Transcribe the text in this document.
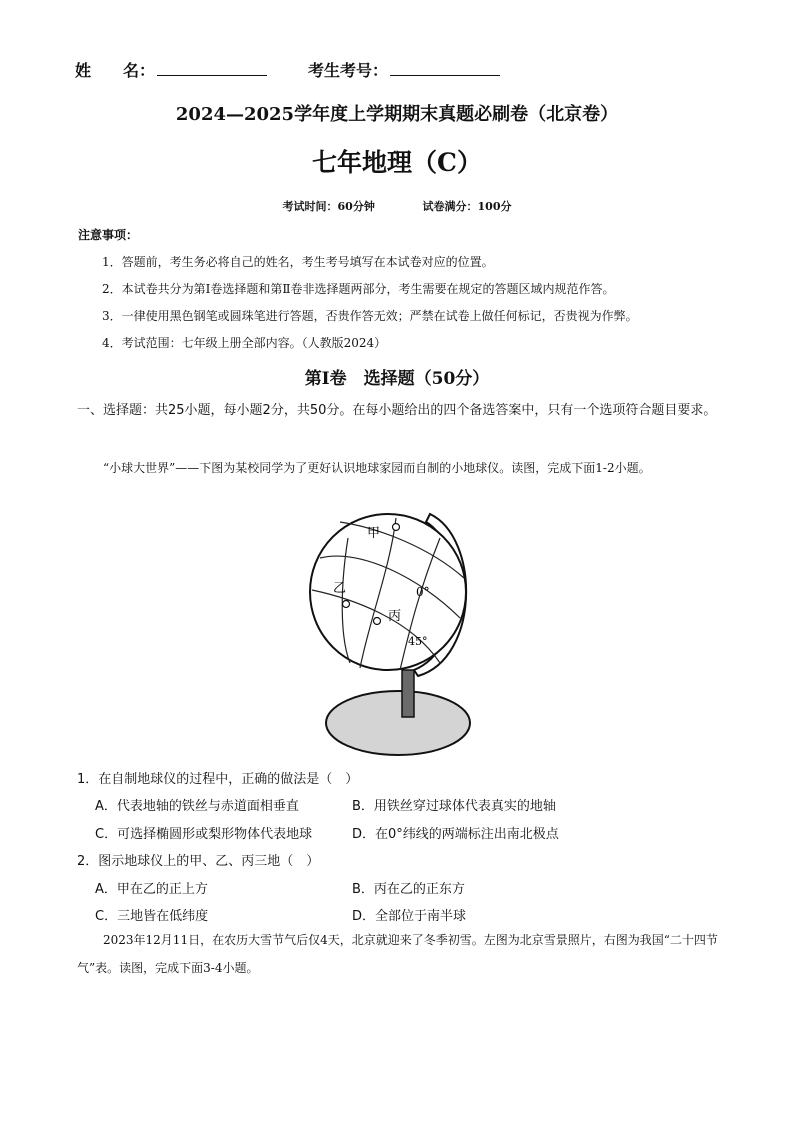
姓　　名：	考生考号：
2024—2025学年度上学期期末真题必刷卷（北京卷）
七年地理（C）
考试时间：60分钟	试卷满分：100分
注意事项：
1．答题前，考生务必将自己的姓名，考生考号填写在本试卷对应的位置。
2．本试卷共分为第Ⅰ卷选择题和第Ⅱ卷非选择题两部分，考生需要在规定的答题区域内规范作答。
3．一律使用黑色钢笔或圆珠笔进行答题，否贵作答无效；严禁在试卷上做任何标记，否贵视为作弊。
4．考试范围：七年级上册全部内容。（人教版2024）
第Ⅰ卷　选择题（50分）
一、选择题：共25小题，每小题2分，共50分。在每小题给出的四个备选答案中，只有一个选项符合题目要求。
“小球大世界”——下图为某校同学为了更好认识地球家园而自制的小地球仪。读图，完成下面1-2小题。
甲
乙
丙
0°
45°
1．在自制地球仪的过程中，正确的做法是（　）
A．代表地轴的铁丝与赤道面相垂直	B．用铁丝穿过球体代表真实的地轴
C．可选择椭圆形或梨形物体代表地球	D．在0°纬线的两端标注出南北极点
2．图示地球仪上的甲、乙、丙三地（　）
A．甲在乙的正上方	B．丙在乙的正东方
C．三地皆在低纬度	D．全部位于南半球
2023年12月11日，在农历大雪节气后仅4天，北京就迎来了冬季初雪。左图为北京雪景照片，右图为我国“二十四节气”表。读图，完成下面3-4小题。
